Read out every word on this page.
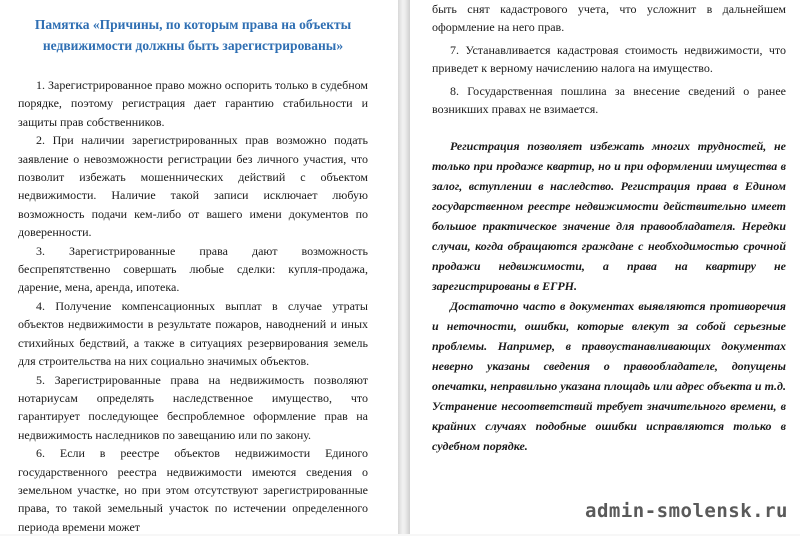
Памятка «Причины, по которым права на объекты недвижимости должны быть зарегистрированы»

1. Зарегистрированное право можно оспорить только в судебном порядке, поэтому регистрация дает гарантию стабильности и защиты прав собственников.

2. При наличии зарегистрированных прав возможно подать заявление о невозможности регистрации без личного участия, что позволит избежать мошеннических действий с объектом недвижимости. Наличие такой записи исключает любую возможность подачи кем-либо от вашего имени документов по доверенности.

3. Зарегистрированные права дают возможность беспрепятственно совершать любые сделки: купля-продажа, дарение, мена, аренда, ипотека.

4. Получение компенсационных выплат в случае утраты объектов недвижимости в результате пожаров, наводнений и иных стихийных бедствий, а также в ситуациях резервирования земель для строительства на них социально значимых объектов.

5. Зарегистрированные права на недвижимость позволяют нотариусам определять наследственное имущество, что гарантирует последующее беспроблемное оформление прав на недвижимость наследников по завещанию или по закону.

6. Если в реестре объектов недвижимости Единого государственного реестра недвижимости имеются сведения о земельном участке, но при этом отсутствуют зарегистрированные права, то такой земельный участок по истечении определенного периода времени может

быть снят кадастрового учета, что усложнит в дальнейшем оформление на него прав.

7. Устанавливается кадастровая стоимость недвижимости, что приведет к верному начислению налога на имущество.

8. Государственная пошлина за внесение сведений о ранее возникших правах не взимается.

Регистрация позволяет избежать многих трудностей, не только при продаже квартир, но и при оформлении имущества в залог, вступлении в наследство. Регистрация права в Едином государственном реестре недвижимости действительно имеет большое практическое значение для правообладателя. Нередки случаи, когда обращаются граждане с необходимостью срочной продажи недвижимости, а права на квартиру не зарегистрированы в ЕГРН.

Достаточно часто в документах выявляются противоречия и неточности, ошибки, которые влекут за собой серьезные проблемы. Например, в правоустанавливающих документах неверно указаны сведения о правообладателе, допущены опечатки, неправильно указана площадь или адрес объекта и т.д. Устранение несоответствий требует значительного времени, в крайних случаях подобные ошибки исправляются только в судебном порядке.

admin-smolensk.ru
